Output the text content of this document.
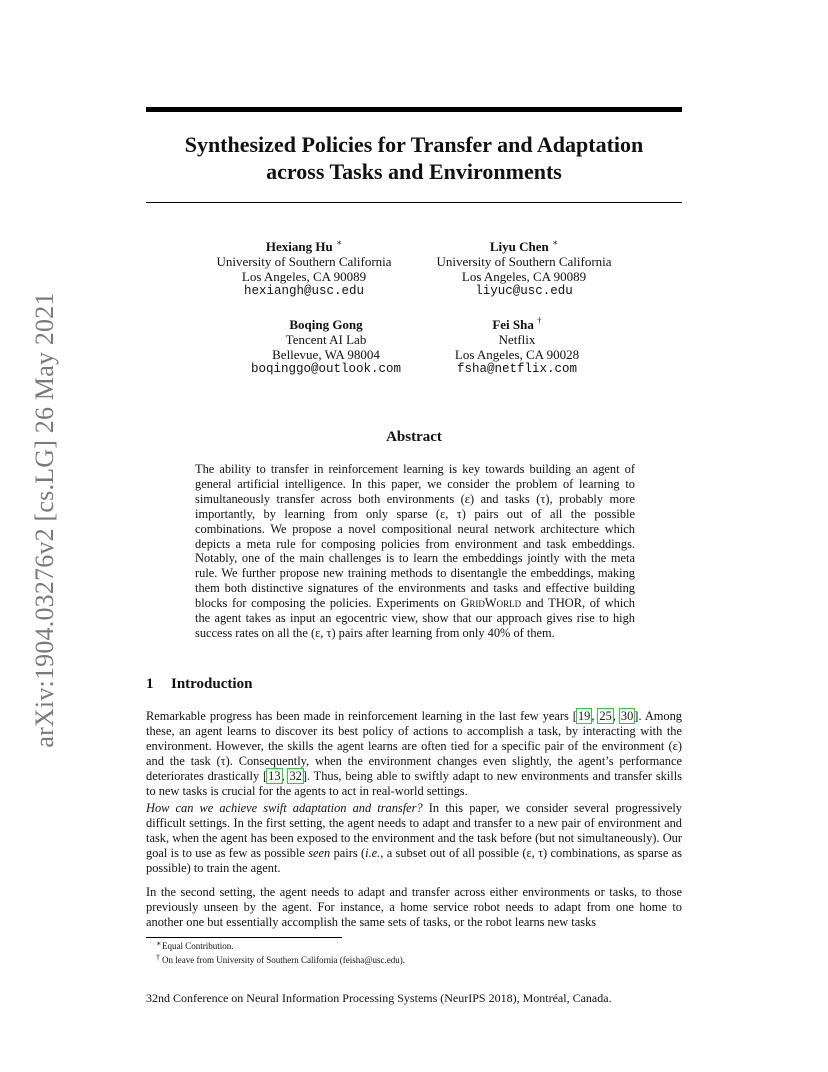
arXiv:1904.03276v2 [cs.LG] 26 May 2021
Synthesized Policies for Transfer and Adaptation
across Tasks and Environments
Hexiang Hu ∗
University of Southern California
Los Angeles, CA 90089
hexiangh@usc.edu
Liyu Chen ∗
University of Southern California
Los Angeles, CA 90089
liyuc@usc.edu
Boqing Gong
Tencent AI Lab
Bellevue, WA 98004
boqinggo@outlook.com
Fei Sha †
Netflix
Los Angeles, CA 90028
fsha@netflix.com
Abstract
The ability to transfer in reinforcement learning is key towards building an agent of general artificial intelligence. In this paper, we consider the problem of learning to simultaneously transfer across both environments (ε) and tasks (τ), probably more importantly, by learning from only sparse (ε, τ) pairs out of all the possible combinations. We propose a novel compositional neural network architecture which depicts a meta rule for composing policies from environment and task embeddings. Notably, one of the main challenges is to learn the embeddings jointly with the meta rule. We further propose new training methods to disentangle the embeddings, making them both distinctive signatures of the environments and tasks and effective building blocks for composing the policies. Experiments on GridWorld and THOR, of which the agent takes as input an egocentric view, show that our approach gives rise to high success rates on all the (ε, τ) pairs after learning from only 40% of them.
1 Introduction
Remarkable progress has been made in reinforcement learning in the last few years [19, 25, 30]. Among these, an agent learns to discover its best policy of actions to accomplish a task, by interacting with the environment. However, the skills the agent learns are often tied for a specific pair of the environment (ε) and the task (τ). Consequently, when the environment changes even slightly, the agent’s performance deteriorates drastically [13, 32]. Thus, being able to swiftly adapt to new environments and transfer skills to new tasks is crucial for the agents to act in real-world settings.
How can we achieve swift adaptation and transfer? In this paper, we consider several progressively difficult settings. In the first setting, the agent needs to adapt and transfer to a new pair of environment and task, when the agent has been exposed to the environment and the task before (but not simultaneously). Our goal is to use as few as possible seen pairs (i.e., a subset out of all possible (ε, τ) combinations, as sparse as possible) to train the agent.
In the second setting, the agent needs to adapt and transfer across either environments or tasks, to those previously unseen by the agent. For instance, a home service robot needs to adapt from one home to another one but essentially accomplish the same sets of tasks, or the robot learns new tasks
∗ Equal Contribution.
† On leave from University of Southern California (feisha@usc.edu).
32nd Conference on Neural Information Processing Systems (NeurIPS 2018), Montréal, Canada.
